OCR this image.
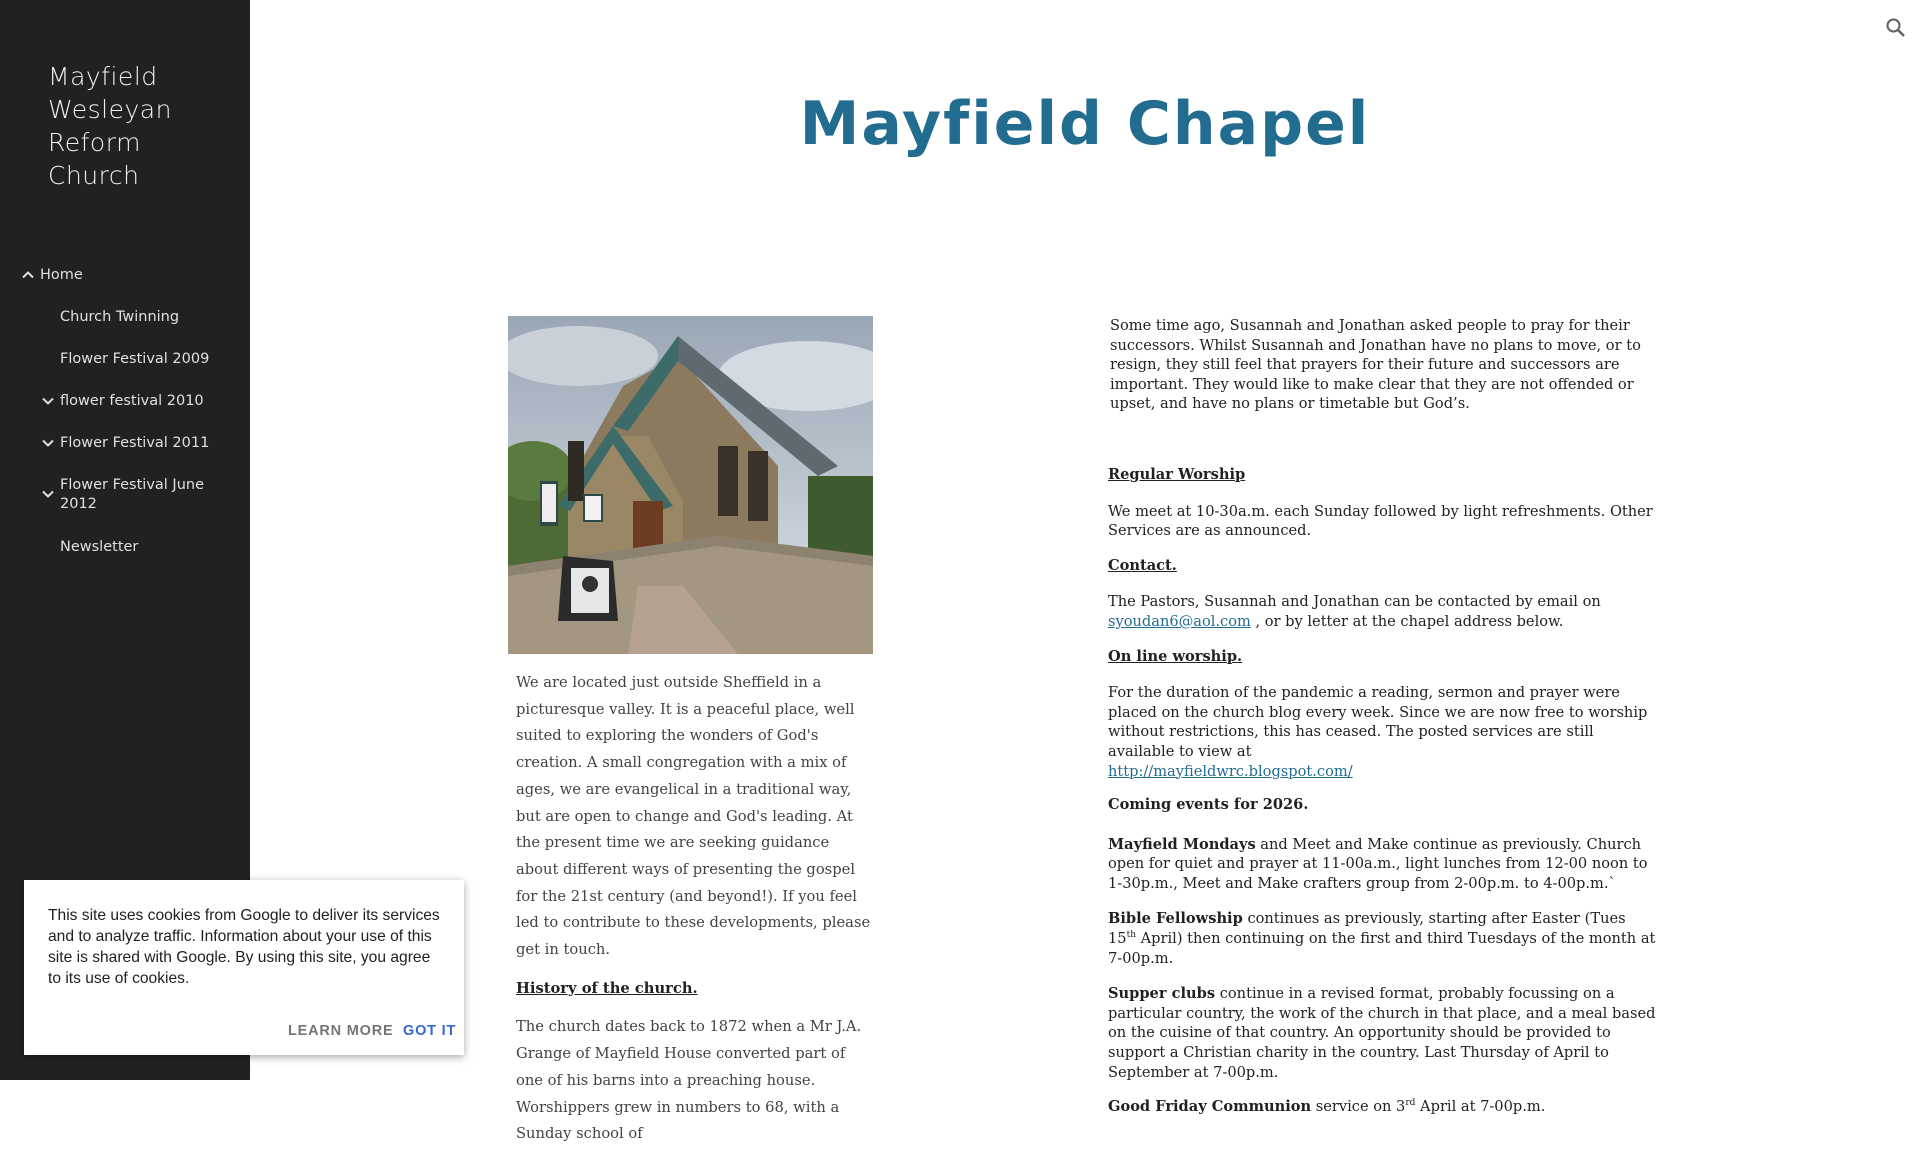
Mayfield Wesleyan Reform Church
Home
Church Twinning
Flower Festival 2009
flower festival 2010
Flower Festival 2011
Flower Festival June 2012
Newsletter
Mayfield Chapel

We are located just outside Sheffield in a picturesque valley. It is a peaceful place, well suited to exploring the wonders of God's creation. A small congregation with a mix of ages, we are evangelical in a traditional way, but are open to change and God's leading. At the present time we are seeking guidance about different ways of presenting the gospel for the 21st century (and beyond!). If you feel led to contribute to these developments, please get in touch.

History of the church.

The church dates back to 1872 when a Mr J.A. Grange of Mayfield House converted part of one of his barns into a preaching house. Worshippers grew in numbers to 68, with a Sunday school of

Some time ago, Susannah and Jonathan asked people to pray for their successors. Whilst Susannah and Jonathan have no plans to move, or to resign, they still feel that prayers for their future and successors are important. They would like to make clear that they are not offended or upset, and have no plans or timetable but God’s.

Regular Worship

We meet at 10-30a.m. each Sunday followed by light refreshments. Other Services are as announced.

Contact.

The Pastors, Susannah and Jonathan can be contacted by email on
syoudan6@aol.com , or by letter at the chapel address below.

On line worship.

For the duration of the pandemic a reading, sermon and prayer were placed on the church blog every week. Since we are now free to worship without restrictions, this has ceased. The posted services are still available to view at
http://mayfieldwrc.blogspot.com/

Coming events for 2026.

Mayfield Mondays and Meet and Make continue as previously. Church open for quiet and prayer at 11-00a.m., light lunches from 12-00 noon to 1-30p.m., Meet and Make crafters group from 2-00p.m. to 4-00p.m.`

Bible Fellowship continues as previously, starting after Easter (Tues 15th April) then continuing on the first and third Tuesdays of the month at 7-00p.m.

Supper clubs continue in a revised format, probably focussing on a particular country, the work of the church in that place, and a meal based on the cuisine of that country. An opportunity should be provided to support a Christian charity in the country. Last Thursday of April to September at 7-00p.m.

Good Friday Communion service on 3rd April at 7-00p.m.

This site uses cookies from Google to deliver its services and to analyze traffic. Information about your use of this site is shared with Google. By using this site, you agree to its use of cookies.
LEARN MORE GOT IT
